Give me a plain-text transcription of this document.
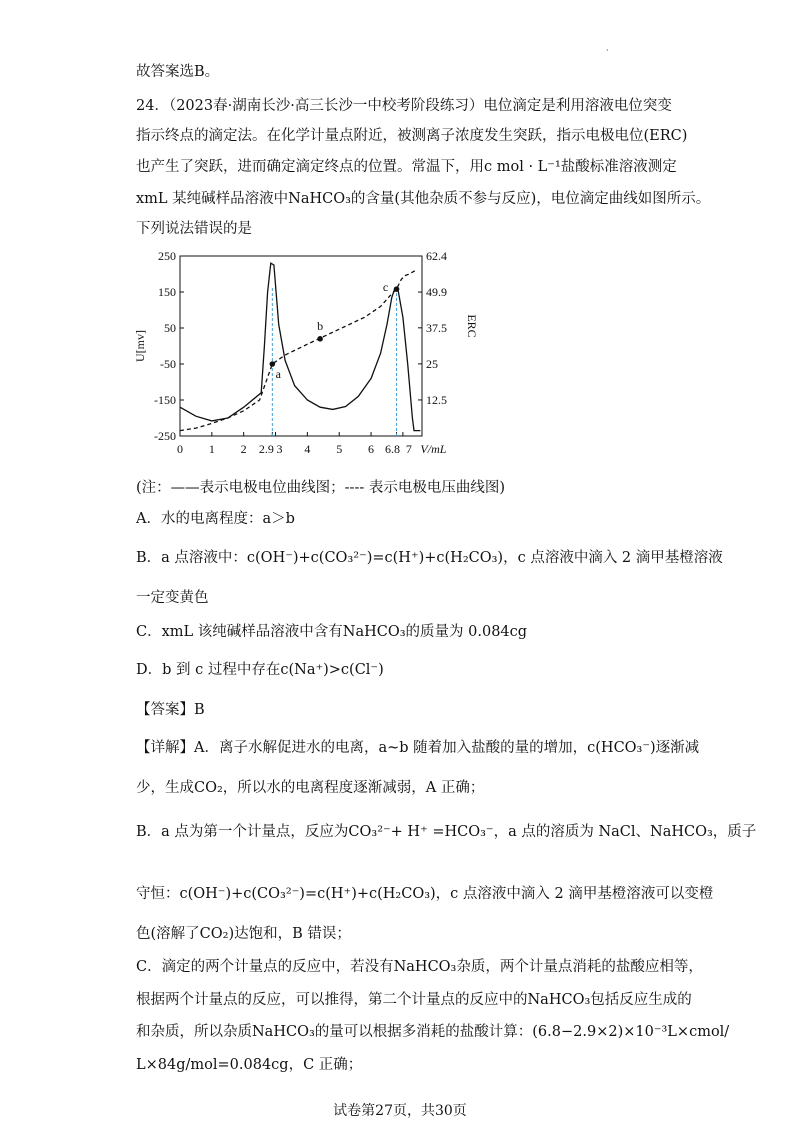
·
故答案选B。
24．（2023春·湖南长沙·高三长沙一中校考阶段练习）电位滴定是利用溶液电位突变
指示终点的滴定法。在化学计量点附近，被测离子浓度发生突跃，指示电极电位(ERC)
也产生了突跃，进而确定滴定终点的位置。常温下，用c mol · L⁻¹盐酸标准溶液测定
xmL 某纯碱样品溶液中NaHCO₃的含量(其他杂质不参与反应)，电位滴定曲线如图所示。
下列说法错误的是
250
150
50
-50
-150
-250
62.4
49.9
37.5
25
12.5
0 1 2 2.9 3 4 5 6 6.8 7 V/mL
U[mv]
ERC
a
b
c
(注：——表示电极电位曲线图；---- 表示电极电压曲线图)
A．水的电离程度：a＞b
B．a 点溶液中：c(OH⁻)+c(CO₃²⁻)=c(H⁺)+c(H₂CO₃)，c 点溶液中滴入 2 滴甲基橙溶液
一定变黄色
C．xmL 该纯碱样品溶液中含有NaHCO₃的质量为 0.084cg
D．b 到 c 过程中存在c(Na⁺)>c(Cl⁻)
【答案】B
【详解】A．离子水解促进水的电离，a~b 随着加入盐酸的量的增加，c(HCO₃⁻)逐渐减
少，生成CO₂，所以水的电离程度逐渐减弱，A 正确；
B．a 点为第一个计量点，反应为CO₃²⁻+ H⁺ =HCO₃⁻，a 点的溶质为 NaCl、NaHCO₃，质子
守恒：c(OH⁻)+c(CO₃²⁻)=c(H⁺)+c(H₂CO₃)，c 点溶液中滴入 2 滴甲基橙溶液可以变橙
色(溶解了CO₂)达饱和，B 错误；
C．滴定的两个计量点的反应中，若没有NaHCO₃杂质，两个计量点消耗的盐酸应相等，
根据两个计量点的反应，可以推得，第二个计量点的反应中的NaHCO₃包括反应生成的
和杂质，所以杂质NaHCO₃的量可以根据多消耗的盐酸计算：(6.8−2.9×2)×10⁻³L×cmol/
L×84g/mol=0.084cg，C 正确；
试卷第27页，共30页
